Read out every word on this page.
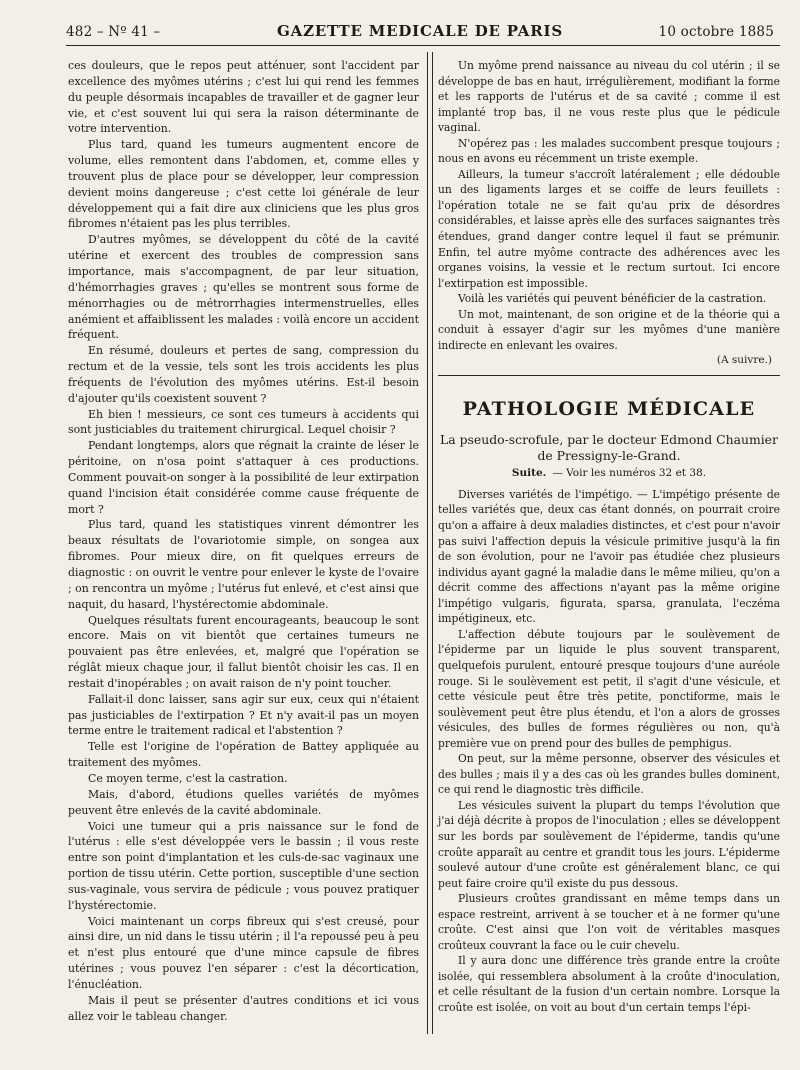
482 – Nº 41 –	GAZETTE MEDICALE DE PARIS	10 octobre 1885

ces douleurs, que le repos peut atténuer, sont l'accident par excellence des myômes utérins ; c'est lui qui rend les femmes du peuple désormais incapables de travailler et de gagner leur vie, et c'est souvent lui qui sera la raison déterminante de votre intervention.

Plus tard, quand les tumeurs augmentent encore de volume, elles remontent dans l'abdomen, et, comme elles y trouvent plus de place pour se développer, leur compression devient moins dangereuse ; c'est cette loi générale de leur développement qui a fait dire aux cliniciens que les plus gros fibromes n'étaient pas les plus terribles.

D'autres myômes, se développent du côté de la cavité utérine et exercent des troubles de compression sans importance, mais s'accompagnent, de par leur situation, d'hémorrhagies graves ; qu'elles se montrent sous forme de ménorrhagies ou de métrorrhagies intermenstruelles, elles anémient et affaiblissent les malades : voilà encore un accident fréquent.

En résumé, douleurs et pertes de sang, compression du rectum et de la vessie, tels sont les trois accidents les plus fréquents de l'évolution des myômes utérins. Est-il besoin d'ajouter qu'ils coexistent souvent ?

Eh bien ! messieurs, ce sont ces tumeurs à accidents qui sont justiciables du traitement chirurgical. Lequel choisir ?

Pendant longtemps, alors que régnait la crainte de léser le péritoine, on n'osa point s'attaquer à ces productions. Comment pouvait-on songer à la possibilité de leur extirpation quand l'incision était considérée comme cause fréquente de mort ?

Plus tard, quand les statistiques vinrent démontrer les beaux résultats de l'ovariotomie simple, on songea aux fibromes. Pour mieux dire, on fit quelques erreurs de diagnostic : on ouvrit le ventre pour enlever le kyste de l'ovaire ; on rencontra un myôme ; l'utérus fut enlevé, et c'est ainsi que naquit, du hasard, l'hystérectomie abdominale.

Quelques résultats furent encourageants, beaucoup le sont encore. Mais on vit bientôt que certaines tumeurs ne pouvaient pas être enlevées, et, malgré que l'opération se réglât mieux chaque jour, il fallut bientôt choisir les cas. Il en restait d'inopérables ; on avait raison de n'y point toucher.

Fallait-il donc laisser, sans agir sur eux, ceux qui n'étaient pas justiciables de l'extirpation ? Et n'y avait-il pas un moyen terme entre le traitement radical et l'abstention ?

Telle est l'origine de l'opération de Battey appliquée au traitement des myômes.

Ce moyen terme, c'est la castration.

Mais, d'abord, étudions quelles variétés de myômes peuvent être enlevés de la cavité abdominale.

Voici une tumeur qui a pris naissance sur le fond de l'utérus : elle s'est développée vers le bassin ; il vous reste entre son point d'implantation et les culs-de-sac vaginaux une portion de tissu utérin. Cette portion, susceptible d'une section sus-vaginale, vous servira de pédicule ; vous pouvez pratiquer l'hystérectomie.

Voici maintenant un corps fibreux qui s'est creusé, pour ainsi dire, un nid dans le tissu utérin ; il l'a repoussé peu à peu et n'est plus entouré que d'une mince capsule de fibres utérines ; vous pouvez l'en séparer : c'est la décortication, l'énucléation.

Mais il peut se présenter d'autres conditions et ici vous allez voir le tableau changer.

Un myôme prend naissance au niveau du col utérin ; il se développe de bas en haut, irrégulièrement, modifiant la forme et les rapports de l'utérus et de sa cavité ; comme il est implanté trop bas, il ne vous reste plus que le pédicule vaginal.

N'opérez pas : les malades succombent presque toujours ; nous en avons eu récemment un triste exemple.

Ailleurs, la tumeur s'accroît latéralement ; elle dédouble un des ligaments larges et se coiffe de leurs feuillets : l'opération totale ne se fait qu'au prix de désordres considérables, et laisse après elle des surfaces saignantes très étendues, grand danger contre lequel il faut se prémunir. Enfin, tel autre myôme contracte des adhérences avec les organes voisins, la vessie et le rectum surtout. Ici encore l'extirpation est impossible.

Voilà les variétés qui peuvent bénéficier de la castration.

Un mot, maintenant, de son origine et de la théorie qui a conduit à essayer d'agir sur les myômes d'une manière indirecte en enlevant les ovaires.

(A suivre.)

PATHOLOGIE MÉDICALE

La pseudo-scrofule, par le docteur Edmond Chaumier de Pressigny-le-Grand.

Suite. — Voir les numéros 32 et 38.

Diverses variétés de l'impétigo. — L'impétigo présente de telles variétés que, deux cas étant donnés, on pourrait croire qu'on a affaire à deux maladies distinctes, et c'est pour n'avoir pas suivi l'affection depuis la vésicule primitive jusqu'à la fin de son évolution, pour ne l'avoir pas étudiée chez plusieurs individus ayant gagné la maladie dans le même milieu, qu'on a décrit comme des affections n'ayant pas la même origine l'impétigo vulgaris, figurata, sparsa, granulata, l'eczéma impétigineux, etc.

L'affection débute toujours par le soulèvement de l'épiderme par un liquide le plus souvent transparent, quelquefois purulent, entouré presque toujours d'une auréole rouge. Si le soulèvement est petit, il s'agit d'une vésicule, et cette vésicule peut être très petite, ponctiforme, mais le soulèvement peut être plus étendu, et l'on a alors de grosses vésicules, des bulles de formes régulières ou non, qu'à première vue on prend pour des bulles de pemphigus.

On peut, sur la même personne, observer des vésicules et des bulles ; mais il y a des cas où les grandes bulles dominent, ce qui rend le diagnostic très difficile.

Les vésicules suivent la plupart du temps l'évolution que j'ai déjà décrite à propos de l'inoculation ; elles se développent sur les bords par soulèvement de l'épiderme, tandis qu'une croûte apparaît au centre et grandit tous les jours. L'épiderme soulevé autour d'une croûte est généralement blanc, ce qui peut faire croire qu'il existe du pus dessous.

Plusieurs croûtes grandissant en même temps dans un espace restreint, arrivent à se toucher et à ne former qu'une croûte. C'est ainsi que l'on voit de véritables masques croûteux couvrant la face ou le cuir chevelu.

Il y aura donc une différence très grande entre la croûte isolée, qui ressemblera absolument à la croûte d'inoculation, et celle résultant de la fusion d'un certain nombre. Lorsque la croûte est isolée, on voit au bout d'un certain temps l'épi-
